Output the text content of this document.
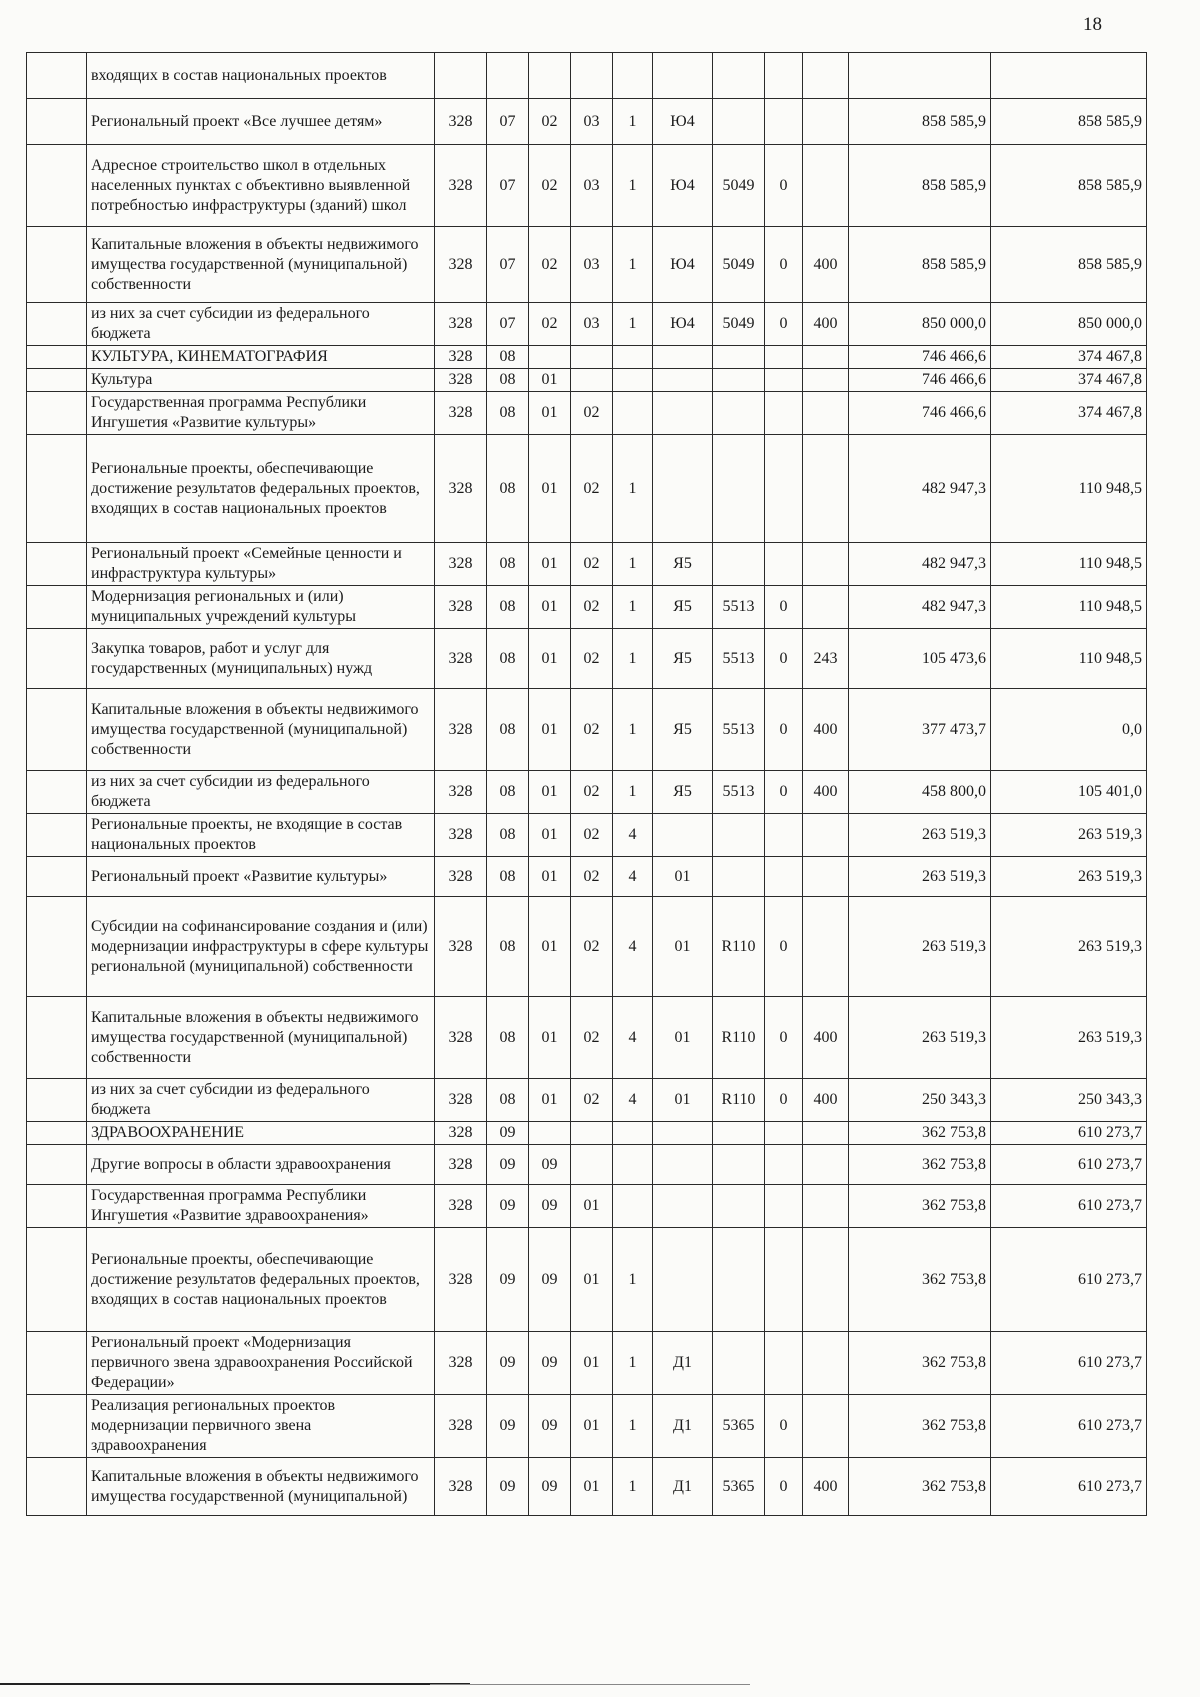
18
	входящих в состав национальных проектов											
	Региональный проект «Все лучшее детям»	328	07	02	03	1	Ю4				858 585,9	858 585,9
	Адресное строительство школ в отдельных населенных пунктах с объективно выявленной потребностью инфраструктуры (зданий) школ	328	07	02	03	1	Ю4	5049	0		858 585,9	858 585,9
	Капитальные вложения в объекты недвижимого имущества государственной (муниципальной) собственности	328	07	02	03	1	Ю4	5049	0	400	858 585,9	858 585,9
	из них за счет субсидии из федерального бюджета	328	07	02	03	1	Ю4	5049	0	400	850 000,0	850 000,0
	КУЛЬТУРА, КИНЕМАТОГРАФИЯ	328	08								746 466,6	374 467,8
	Культура	328	08	01							746 466,6	374 467,8
	Государственная программа Республики Ингушетия «Развитие культуры»	328	08	01	02						746 466,6	374 467,8
	Региональные проекты, обеспечивающие достижение результатов федеральных проектов, входящих в состав национальных проектов	328	08	01	02	1					482 947,3	110 948,5
	Региональный проект «Семейные ценности и инфраструктура культуры»	328	08	01	02	1	Я5				482 947,3	110 948,5
	Модернизация региональных и (или) муниципальных учреждений культуры	328	08	01	02	1	Я5	5513	0		482 947,3	110 948,5
	Закупка товаров, работ и услуг для государственных (муниципальных) нужд	328	08	01	02	1	Я5	5513	0	243	105 473,6	110 948,5
	Капитальные вложения в объекты недвижимого имущества государственной (муниципальной) собственности	328	08	01	02	1	Я5	5513	0	400	377 473,7	0,0
	из них за счет субсидии из федерального бюджета	328	08	01	02	1	Я5	5513	0	400	458 800,0	105 401,0
	Региональные проекты, не входящие в состав национальных проектов	328	08	01	02	4					263 519,3	263 519,3
	Региональный проект «Развитие культуры»	328	08	01	02	4	01				263 519,3	263 519,3
	Субсидии на софинансирование создания и (или) модернизации инфраструктуры в сфере культуры региональной (муниципальной) собственности	328	08	01	02	4	01	R110	0		263 519,3	263 519,3
	Капитальные вложения в объекты недвижимого имущества государственной (муниципальной) собственности	328	08	01	02	4	01	R110	0	400	263 519,3	263 519,3
	из них за счет субсидии из федерального бюджета	328	08	01	02	4	01	R110	0	400	250 343,3	250 343,3
	ЗДРАВООХРАНЕНИЕ	328	09								362 753,8	610 273,7
	Другие вопросы в области здравоохранения	328	09	09							362 753,8	610 273,7
	Государственная программа Республики Ингушетия «Развитие здравоохранения»	328	09	09	01						362 753,8	610 273,7
	Региональные проекты, обеспечивающие достижение результатов федеральных проектов, входящих в состав национальных проектов	328	09	09	01	1					362 753,8	610 273,7
	Региональный проект «Модернизация первичного звена здравоохранения Российской Федерации»	328	09	09	01	1	Д1				362 753,8	610 273,7
	Реализация региональных проектов модернизации первичного звена здравоохранения	328	09	09	01	1	Д1	5365	0		362 753,8	610 273,7
	Капитальные вложения в объекты недвижимого имущества государственной (муниципальной)	328	09	09	01	1	Д1	5365	0	400	362 753,8	610 273,7
